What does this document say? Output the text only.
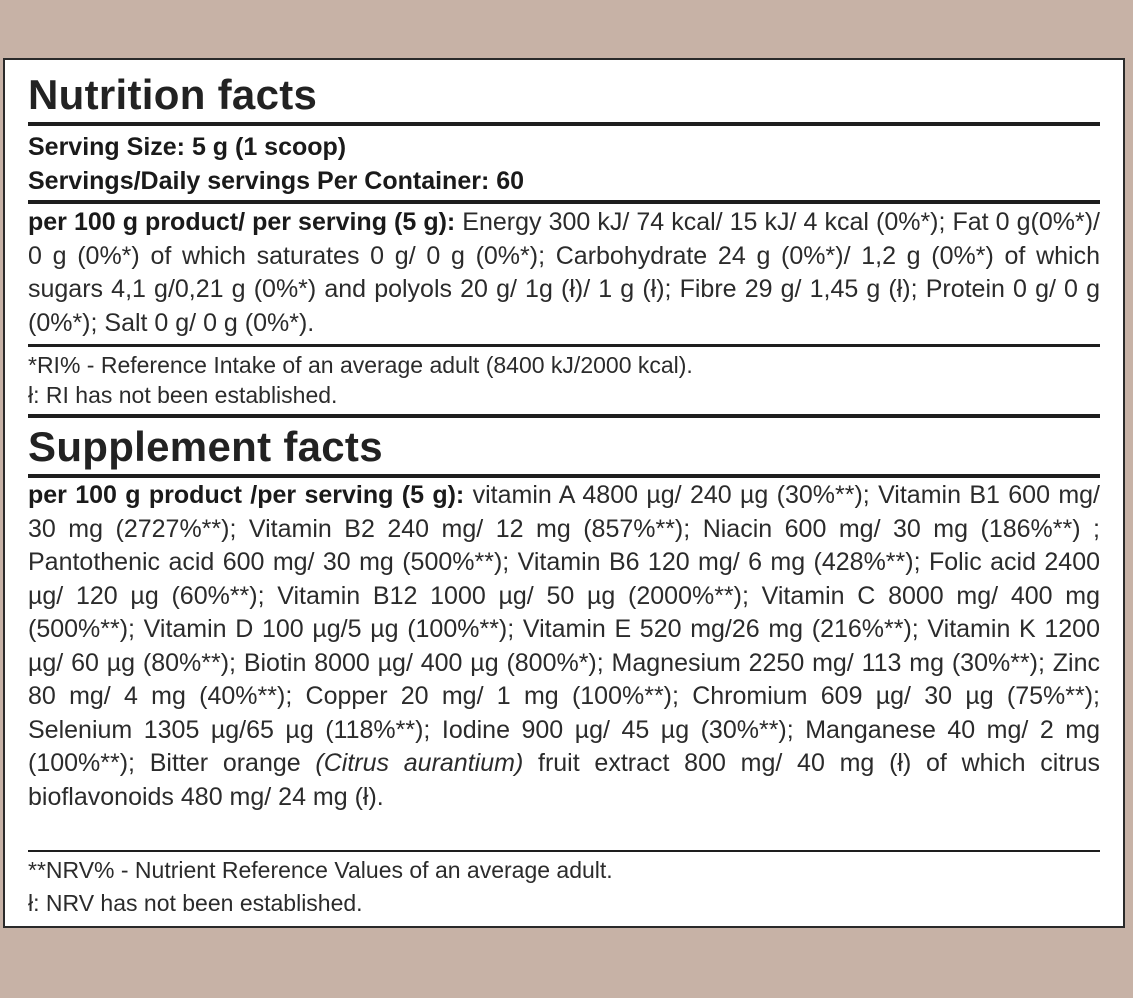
Nutrition facts
Serving Size: 5 g (1 scoop)
Servings/Daily servings Per Container: 60
per 100 g product/ per serving (5 g): Energy 300 kJ/ 74 kcal/ 15 kJ/ 4 kcal (0%*); Fat 0 g(0%*)/ 0 g (0%*) of which saturates 0 g/ 0 g (0%*); Carbohydrate 24 g (0%*)/ 1,2 g (0%*) of which sugars 4,1 g/0,21 g (0%*) and polyols 20 g/ 1g (ł)/ 1 g (ł); Fibre 29 g/ 1,45 g (ł); Protein 0 g/ 0 g (0%*); Salt 0 g/ 0 g (0%*).
*RI% - Reference Intake of an average adult (8400 kJ/2000 kcal).
ł: RI has not been established.
Supplement facts
per 100 g product /per serving (5 g): vitamin A 4800 µg/ 240 µg (30%**); Vitamin B1 600 mg/ 30 mg (2727%**); Vitamin B2 240 mg/ 12 mg (857%**); Niacin 600 mg/ 30 mg (186%**) ; Pantothenic acid 600 mg/ 30 mg (500%**); Vitamin B6 120 mg/ 6 mg (428%**); Folic acid 2400 µg/ 120 µg (60%**); Vitamin B12 1000 µg/ 50 µg (2000%**); Vitamin C 8000 mg/ 400 mg (500%**); Vitamin D 100 µg/5 µg (100%**); Vitamin E 520 mg/26 mg (216%**); Vitamin K 1200 µg/ 60 µg (80%**); Biotin 8000 µg/ 400 µg (800%*); Magnesium 2250 mg/ 113 mg (30%**); Zinc 80 mg/ 4 mg (40%**); Copper 20 mg/ 1 mg (100%**); Chromium 609 µg/ 30 µg (75%**); Selenium 1305 µg/65 µg (118%**); Iodine 900 µg/ 45 µg (30%**); Manganese 40 mg/ 2 mg (100%**); Bitter orange (Citrus aurantium) fruit extract 800 mg/ 40 mg (ł) of which citrus bioflavonoids 480 mg/ 24 mg (ł).
**NRV% - Nutrient Reference Values of an average adult.
ł: NRV has not been established.
